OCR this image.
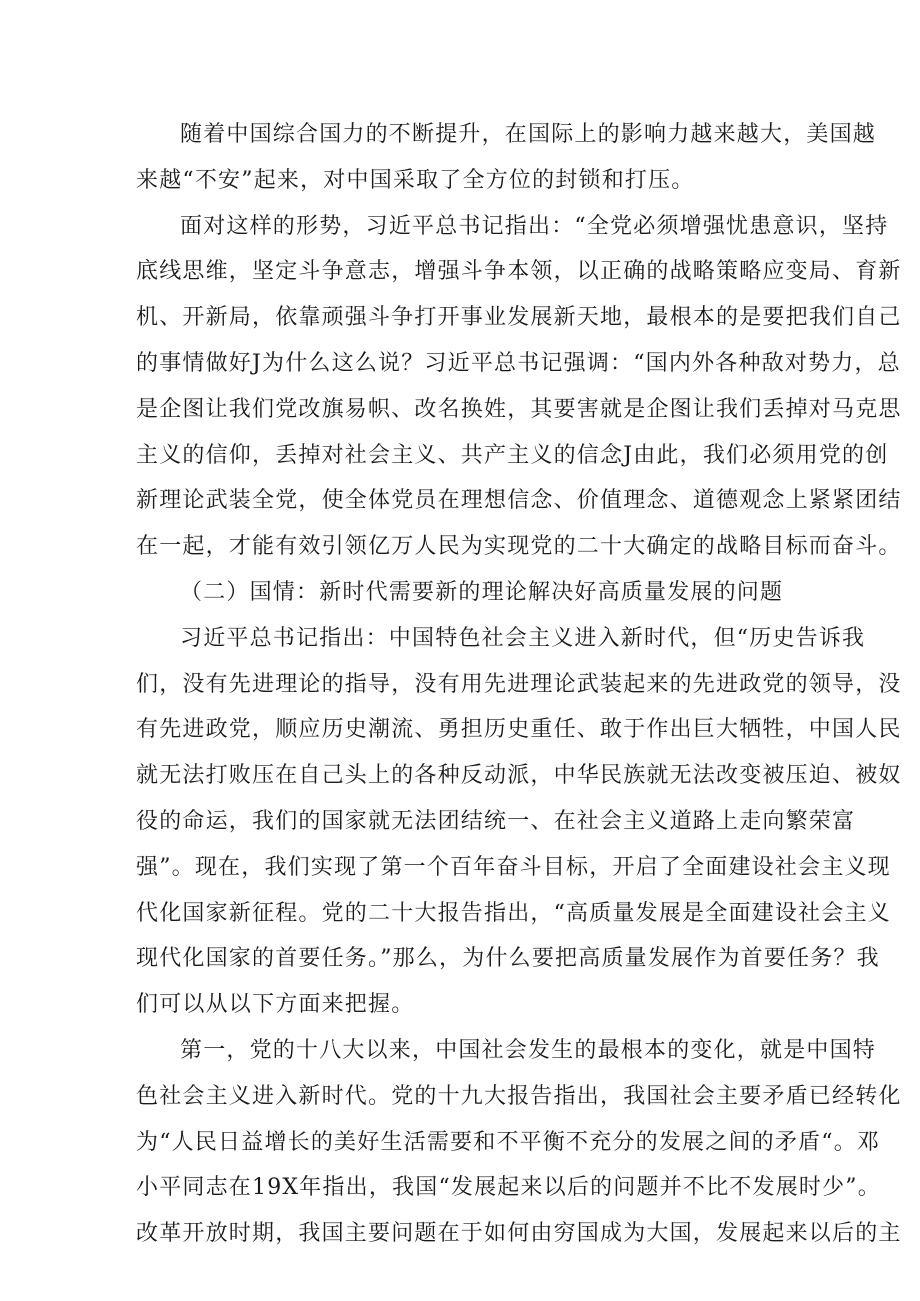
随着中国综合国力的不断提升，在国际上的影响力越来越大，美国越
来越“不安”起来，对中国采取了全方位的封锁和打压。
面对这样的形势，习近平总书记指出：“全党必须增强忧患意识，坚持
底线思维，坚定斗争意志，增强斗争本领，以正确的战略策略应变局、育新
机、开新局，依靠顽强斗争打开事业发展新天地，最根本的是要把我们自己
的事情做好J为什么这么说？习近平总书记强调：“国内外各种敌对势力，总
是企图让我们党改旗易帜、改名换姓，其要害就是企图让我们丢掉对马克思
主义的信仰，丢掉对社会主义、共产主义的信念J由此，我们必须用党的创
新理论武装全党，使全体党员在理想信念、价值理念、道德观念上紧紧团结
在一起，才能有效引领亿万人民为实现党的二十大确定的战略目标而奋斗。
（二）国情：新时代需要新的理论解决好高质量发展的问题
习近平总书记指出：中国特色社会主义进入新时代，但“历史告诉我
们，没有先进理论的指导，没有用先进理论武装起来的先进政党的领导，没
有先进政党，顺应历史潮流、勇担历史重任、敢于作出巨大牺牲，中国人民
就无法打败压在自己头上的各种反动派，中华民族就无法改变被压迫、被奴
役的命运，我们的国家就无法团结统一、在社会主义道路上走向繁荣富
强”。现在，我们实现了第一个百年奋斗目标，开启了全面建设社会主义现
代化国家新征程。党的二十大报告指出，“高质量发展是全面建设社会主义
现代化国家的首要任务。”那么，为什么要把高质量发展作为首要任务？我
们可以从以下方面来把握。
第一，党的十八大以来，中国社会发生的最根本的变化，就是中国特
色社会主义进入新时代。党的十九大报告指出，我国社会主要矛盾已经转化
为“人民日益增长的美好生活需要和不平衡不充分的发展之间的矛盾“。邓
小平同志在19X年指出，我国“发展起来以后的问题并不比不发展时少”。
改革开放时期，我国主要问题在于如何由穷国成为大国，发展起来以后的主
